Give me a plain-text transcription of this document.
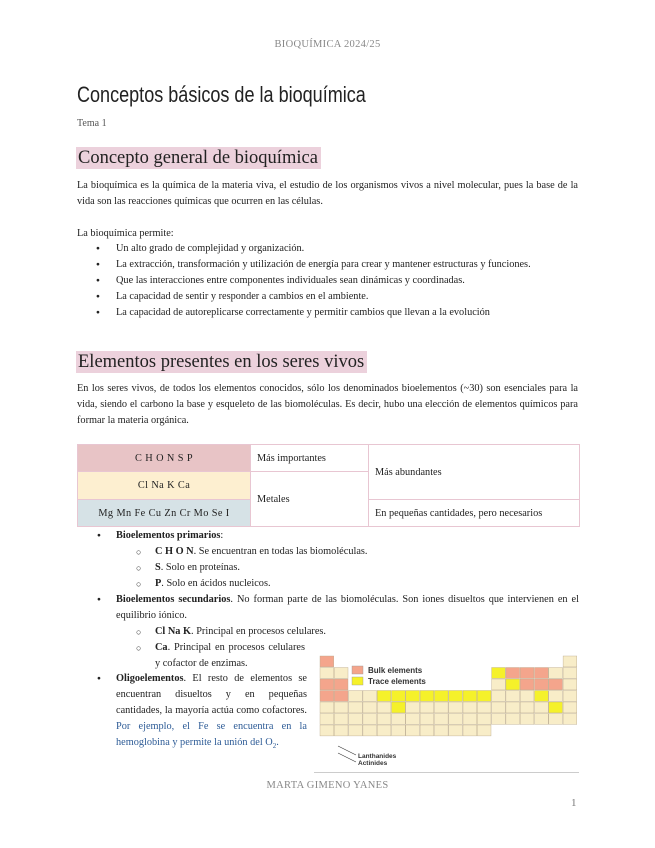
BIOQUÍMICA 2024/25
Conceptos básicos de la bioquímica
Tema 1
Concepto general de bioquímica
La bioquímica es la química de la materia viva, el estudio de los organismos vivos a nivel molecular, pues la base de la vida son las reacciones químicas que ocurren en las células.
La bioquímica permite:
● Un alto grado de complejidad y organización.
● La extracción, transformación y utilización de energía para crear y mantener estructuras y funciones.
● Que las interacciones entre componentes individuales sean dinámicas y coordinadas.
● La capacidad de sentir y responder a cambios en el ambiente.
● La capacidad de autoreplicarse correctamente y permitir cambios que llevan a la evolución
Elementos presentes en los seres vivos
En los seres vivos, de todos los elementos conocidos, sólo los denominados bioelementos (~30) son esenciales para la vida, siendo el carbono la base y esqueleto de las biomoléculas. Es decir, hubo una elección de elementos químicos para formar la materia orgánica.
C H O N S P	Más importantes	Más abundantes
Cl Na K Ca	Metales	
Mg Mn Fe Cu Zn Cr Mo Se I		En pequeñas cantidades, pero necesarios
● Bioelementos primarios:
○ C H O N. Se encuentran en todas las biomoléculas.
○ S. Solo en proteínas.
○ P. Solo en ácidos nucleicos.
● Bioelementos secundarios. No forman parte de las biomoléculas. Son iones disueltos que intervienen en el equilibrio iónico.
○ Cl Na K. Principal en procesos celulares.
○ Ca. Principal en procesos celulares y cofactor de enzimas.
● Oligoelementos. El resto de elementos se encuentran disueltos y en pequeñas cantidades, la mayoría actúa como cofactores. Por ejemplo, el Fe se encuentra en la hemoglobina y permite la unión del $O_2$.
Bulk elements
Trace elements
Lanthanides
Actinides
MARTA GIMENO YANES
1
